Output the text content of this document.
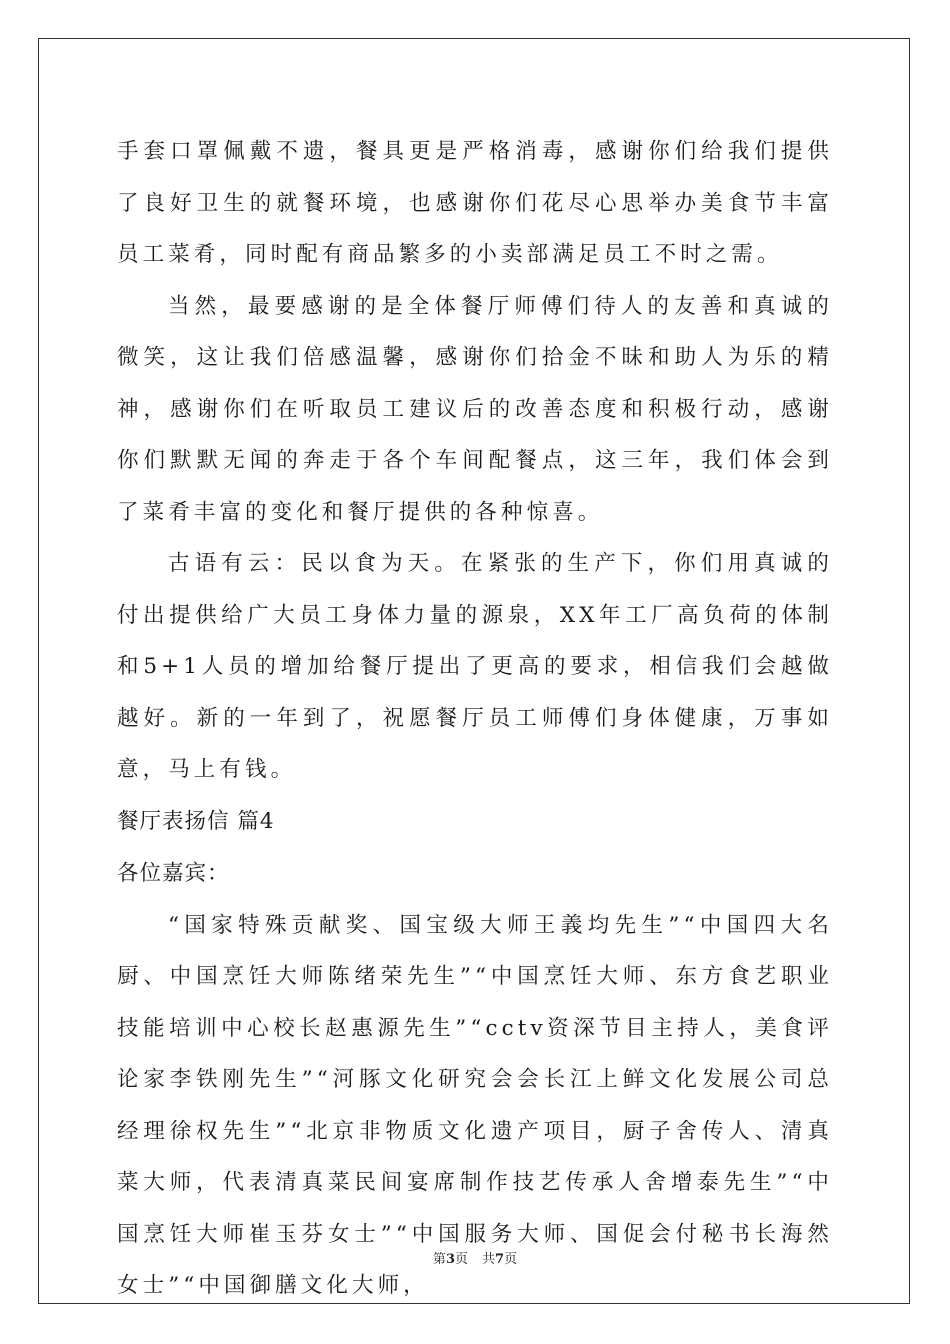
手套口罩佩戴不遗，餐具更是严格消毒，感谢你们给我们提供了良好卫生的就餐环境，也感谢你们花尽心思举办美食节丰富员工菜肴，同时配有商品繁多的小卖部满足员工不时之需。

当然，最要感谢的是全体餐厅师傅们待人的友善和真诚的微笑，这让我们倍感温馨，感谢你们拾金不昧和助人为乐的精神，感谢你们在听取员工建议后的改善态度和积极行动，感谢你们默默无闻的奔走于各个车间配餐点，这三年，我们体会到了菜肴丰富的变化和餐厅提供的各种惊喜。

古语有云：民以食为天。在紧张的生产下，你们用真诚的付出提供给广大员工身体力量的源泉，XX年工厂高负荷的体制和5+1人员的增加给餐厅提出了更高的要求，相信我们会越做越好。新的一年到了，祝愿餐厅员工师傅们身体健康，万事如意，马上有钱。

餐厅表扬信 篇4

各位嘉宾：

“国家特殊贡献奖、国宝级大师王義均先生”“中国四大名厨、中国烹饪大师陈绪荣先生”“中国烹饪大师、东方食艺职业技能培训中心校长赵惠源先生”“cctv资深节目主持人，美食评论家李铁刚先生”“河豚文化研究会会长江上鲜文化发展公司总经理徐权先生”“北京非物质文化遗产项目，厨子舍传人、清真菜大师，代表清真菜民间宴席制作技艺传承人舍增泰先生”“中国烹饪大师崔玉芬女士”“中国服务大师、国促会付秘书长海然女士”“中国御膳文化大师，

第3页 共7页
